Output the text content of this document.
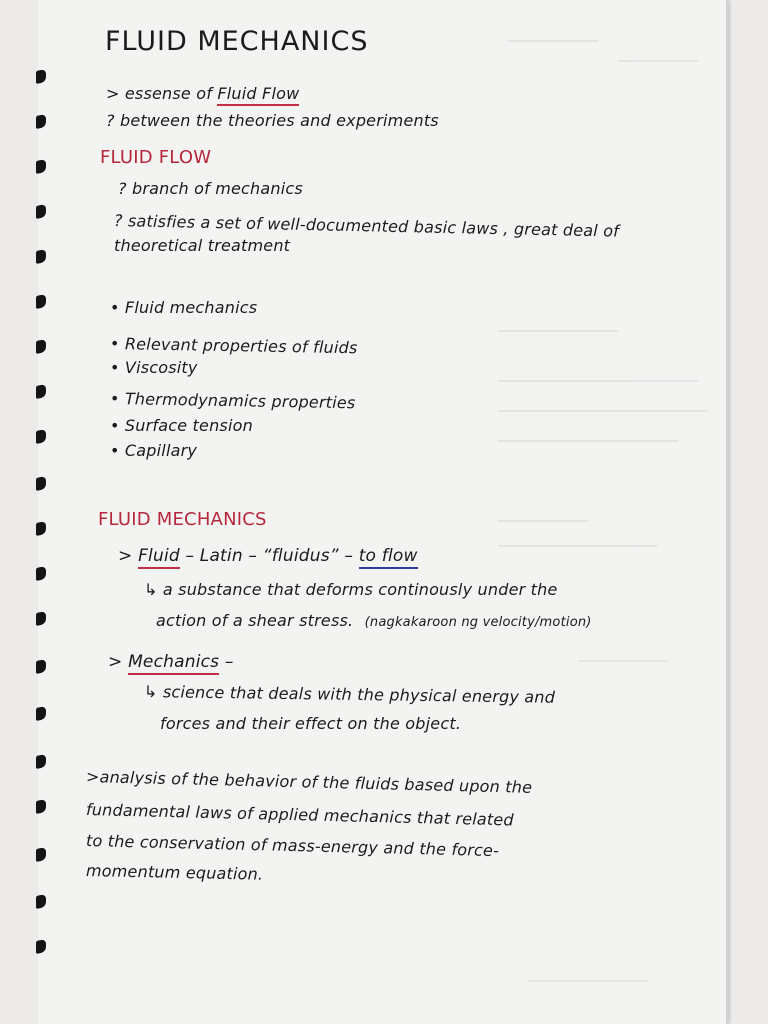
FLUID MECHANICS
> essense of Fluid Flow
? between the theories and experiments
FLUID FLOW
? branch of mechanics
? satisfies a set of well-documented basic laws , great deal of
theoretical treatment
• Fluid mechanics
• Relevant properties of fluids
• Viscosity
• Thermodynamics properties
• Surface tension
• Capillary
FLUID MECHANICS
> Fluid – Latin – “fluidus” – to flow
↳ a substance that deforms continously under the
action of a shear stress. (nagkakaroon ng velocity/motion)
> Mechanics –
↳ science that deals with the physical energy and
forces and their effect on the object.
>analysis of the behavior of the fluids based upon the
fundamental laws of applied mechanics that related
to the conservation of mass-energy and the force-
momentum equation.
